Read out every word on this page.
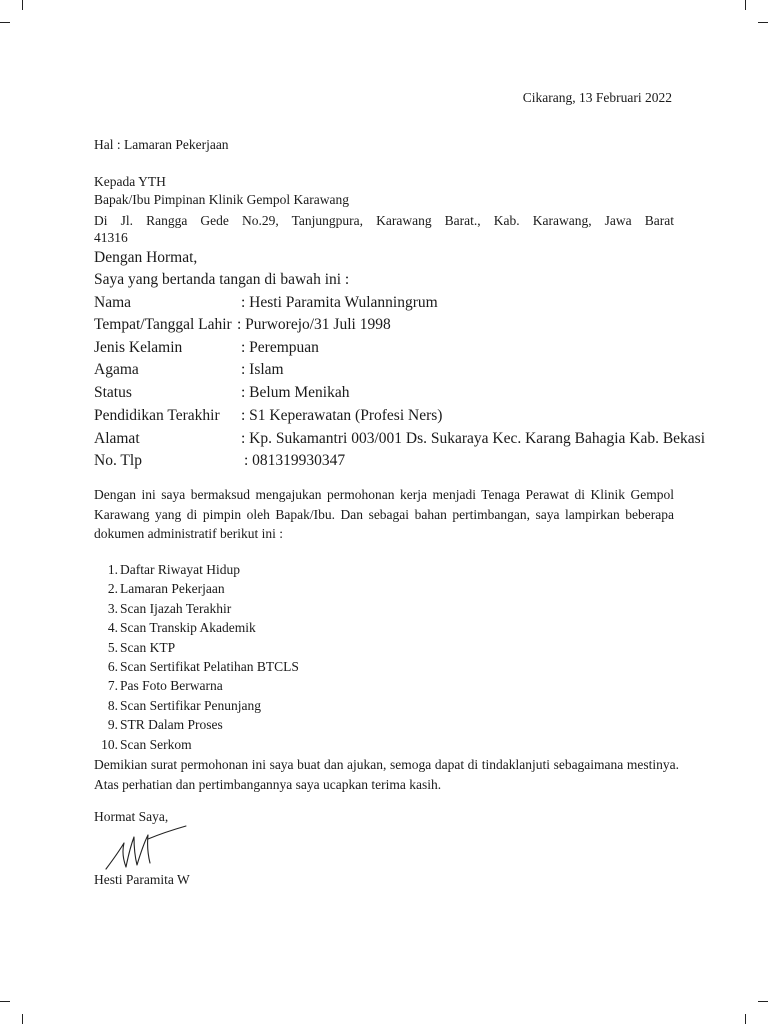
Cikarang, 13 Februari 2022
Hal : Lamaran Pekerjaan
Kepada YTH
Bapak/Ibu Pimpinan Klinik Gempol Karawang
Di Jl. Rangga Gede No.29, Tanjungpura, Karawang Barat., Kab. Karawang, Jawa Barat
41316
Dengan Hormat,
Saya yang bertanda tangan di bawah ini :
Nama	: Hesti Paramita Wulanningrum
Tempat/Tanggal Lahir : Purworejo/31 Juli 1998
Jenis Kelamin	: Perempuan
Agama	: Islam
Status	: Belum Menikah
Pendidikan Terakhir : S1 Keperawatan (Profesi Ners)
Alamat	: Kp. Sukamantri 003/001 Ds. Sukaraya Kec. Karang Bahagia Kab. Bekasi
No. Tlp	: 081319930347
Dengan ini saya bermaksud mengajukan permohonan kerja menjadi Tenaga Perawat di Klinik Gempol Karawang yang di pimpin oleh Bapak/Ibu. Dan sebagai bahan pertimbangan, saya lampirkan beberapa dokumen administratif berikut ini :
1. Daftar Riwayat Hidup
2. Lamaran Pekerjaan
3. Scan Ijazah Terakhir
4. Scan Transkip Akademik
5. Scan KTP
6. Scan Sertifikat Pelatihan BTCLS
7. Pas Foto Berwarna
8. Scan Sertifikar Penunjang
9. STR Dalam Proses
10. Scan Serkom
Demikian surat permohonan ini saya buat dan ajukan, semoga dapat di tindaklanjuti sebagaimana mestinya. Atas perhatian dan pertimbangannya saya ucapkan terima kasih.
Hormat Saya,
Hesti Paramita W
